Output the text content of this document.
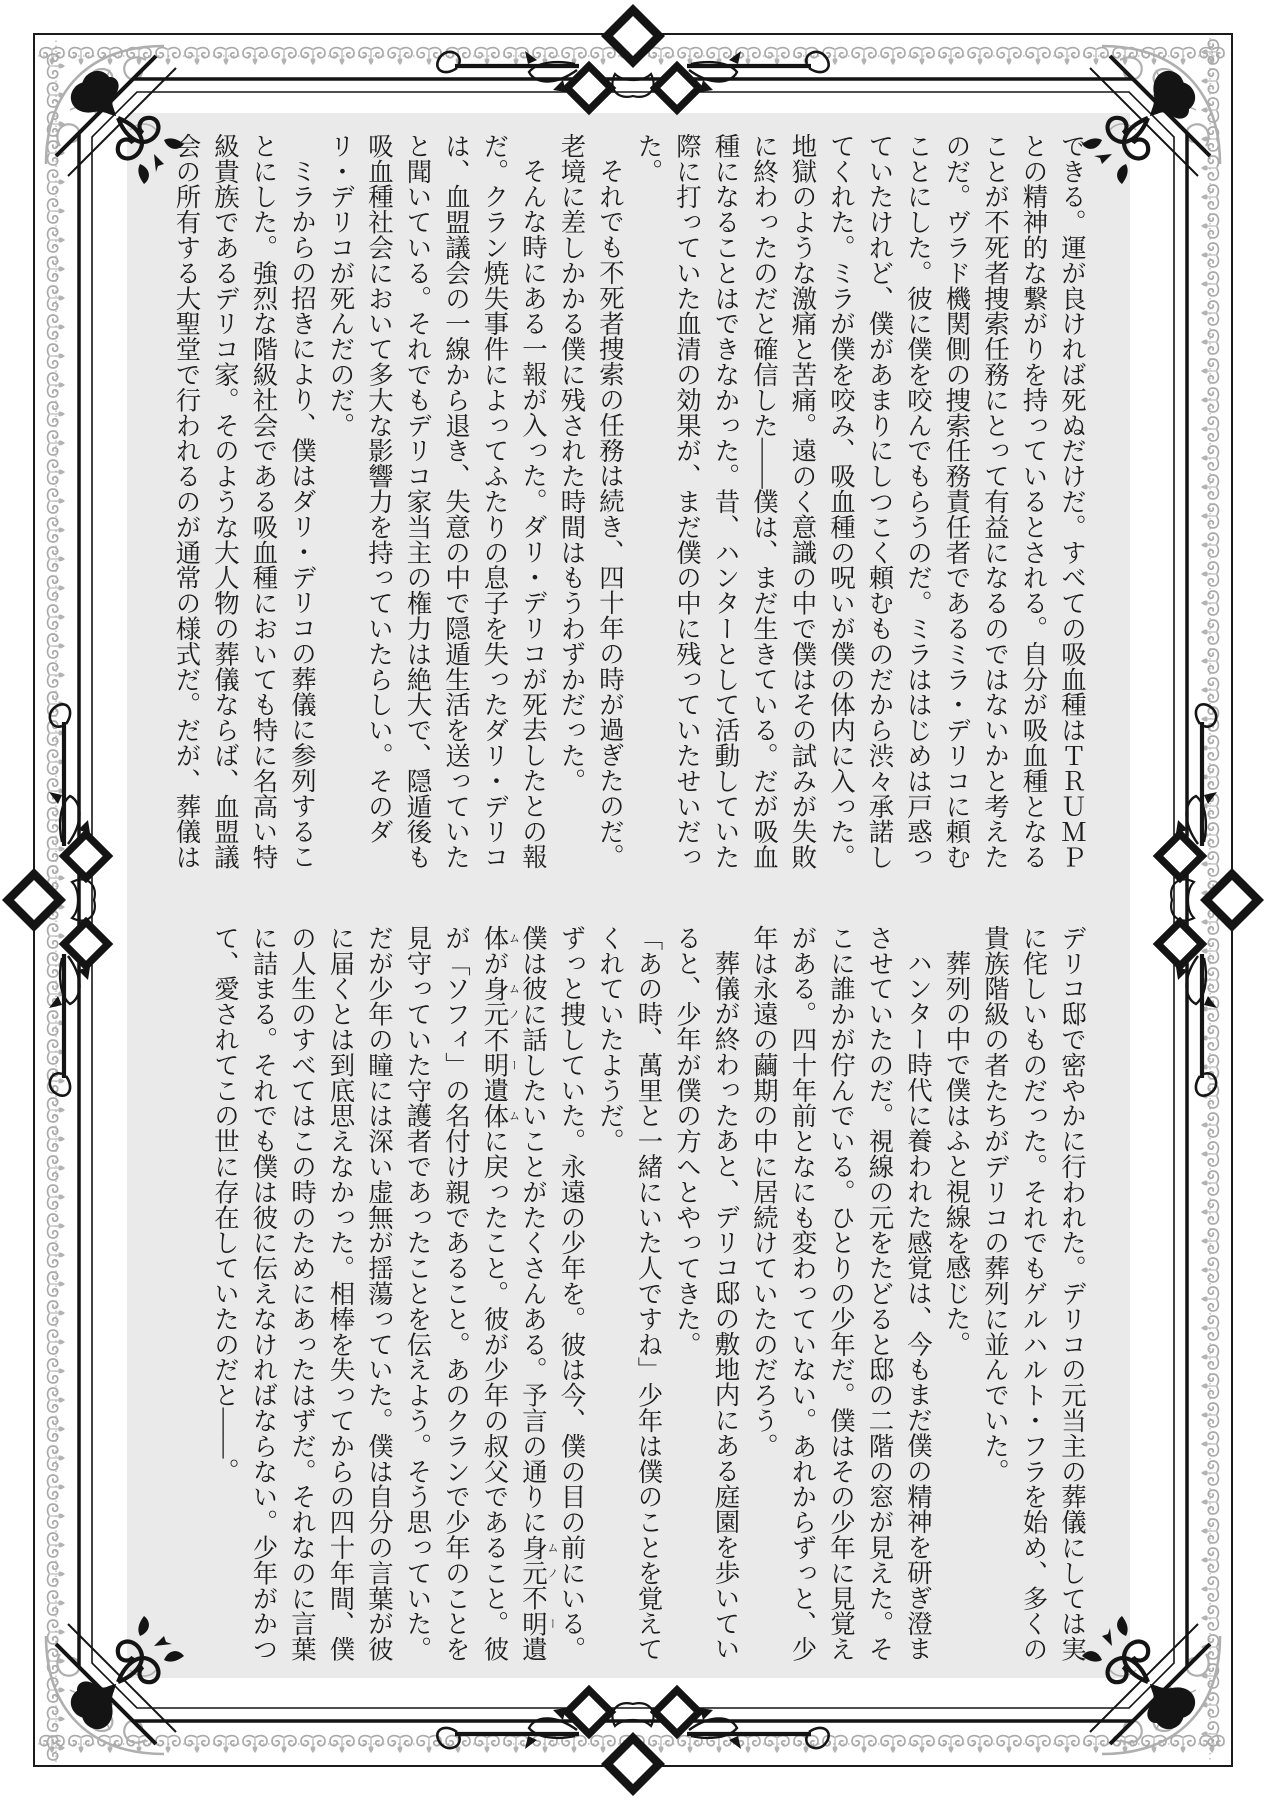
できる。運が良ければ死ぬだけだ。すべての吸血種はＴＲＵＭＰとの精神的な繋がりを持っているとされる。自分が吸血種となることが不死者捜索任務にとって有益になるのではないかと考えたのだ。ヴラド機関側の捜索任務責任者であるミラ・デリコに頼むことにした。彼に僕を咬んでもらうのだ。ミラははじめは戸惑っていたけれど、僕があまりにしつこく頼むものだから渋々承諾してくれた。ミラが僕を咬み、吸血種の呪いが僕の体内に入った。地獄のような激痛と苦痛。遠のく意識の中で僕はその試みが失敗に終わったのだと確信した——僕は、まだ生きている。だが吸血種になることはできなかった。昔、ハンターとして活動していた際に打っていた血清の効果が、まだ僕の中に残っていたせいだった。

それでも不死者捜索の任務は続き、四十年の時が過ぎたのだ。老境に差しかかる僕に残された時間はもうわずかだった。

そんな時にある一報が入った。ダリ・デリコが死去したとの報だ。クラン焼失事件によってふたりの息子を失ったダリ・デリコは、血盟議会の一線から退き、失意の中で隠遁生活を送っていたと聞いている。それでもデリコ家当主の権力は絶大で、隠遁後も吸血種社会において多大な影響力を持っていたらしい。そのダリ・デリコが死んだのだ。

ミラからの招きにより、僕はダリ・デリコの葬儀に参列することにした。強烈な階級社会である吸血種においても特に名高い特級貴族であるデリコ家。そのような大人物の葬儀ならば、血盟議会の所有する大聖堂で行われるのが通常の様式だ。だが、葬儀は

デリコ邸で密やかに行われた。デリコの元当主の葬儀にしては実に侘しいものだった。それでもゲルハルト・フラを始め、多くの貴族階級の者たちがデリコの葬列に並んでいた。

葬列の中で僕はふと視線を感じた。

ハンター時代に養われた感覚は、今もまだ僕の精神を研ぎ澄まさせていたのだ。視線の元をたどると邸の二階の窓が見えた。そこに誰かが佇んでいる。ひとりの少年だ。僕はその少年に見覚えがある。四十年前となにも変わっていない。あれからずっと、少年は永遠の繭期の中に居続けていたのだろう。

葬儀が終わったあと、デリコ邸の敷地内にある庭園を歩いていると、少年が僕の方へとやってきた。

「あの時、萬里と一緒にいた人ですね」少年は僕のことを覚えてくれていたようだ。

ずっと捜していた。永遠の少年を。彼は今、僕の目の前にいる。僕は彼に話したいことがたくさんある。予言の通りに身 ム元 ノ不明 ー遺体 ムが身 ム元 ノ不明 ー遺体 ムに戻ったこと。彼が少年の叔父であること。彼が「ソフィ」の名付け親であること。あのクランで少年のことを見守っていた守護者であったことを伝えよう。そう思っていた。

だが少年の瞳には深い虚無が揺蕩っていた。僕は自分の言葉が彼に届くとは到底思えなかった。相棒を失ってからの四十年間、僕の人生のすべてはこの時のためにあったはずだ。それなのに言葉に詰まる。それでも僕は彼に伝えなければならない。少年がかつて、愛されてこの世に存在していたのだと——。
